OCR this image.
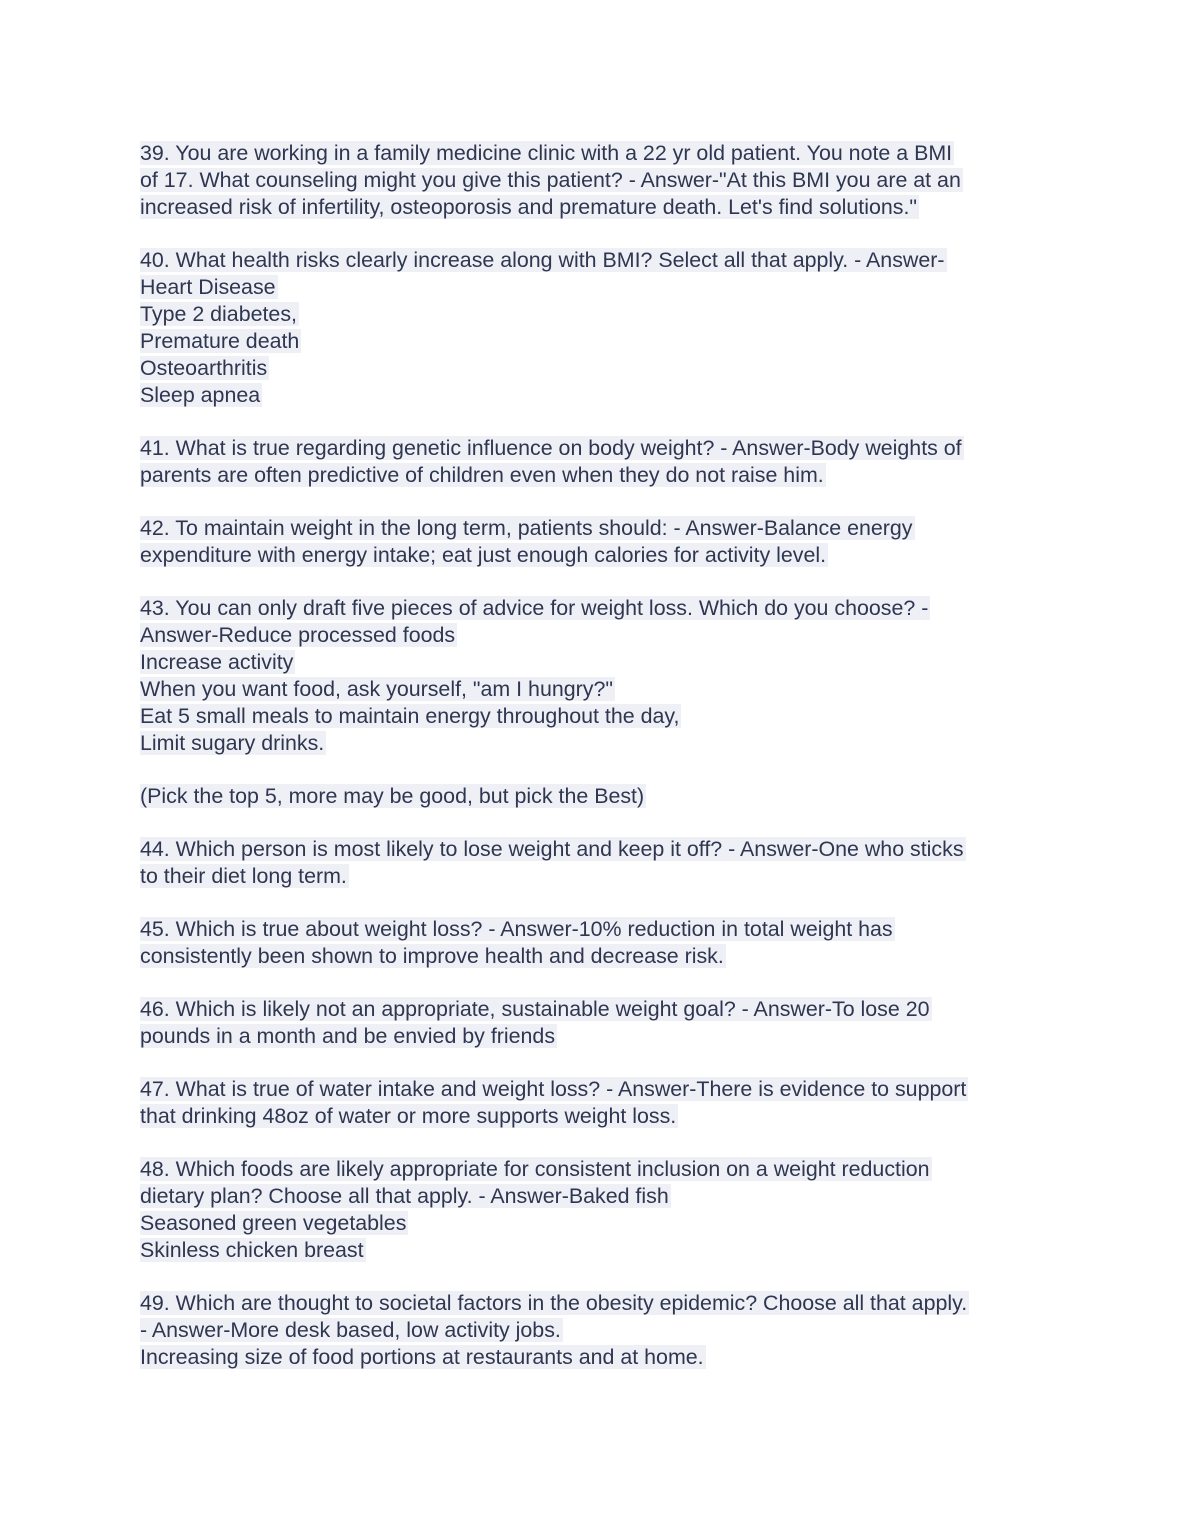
39. You are working in a family medicine clinic with a 22 yr old patient. You note a BMI
of 17. What counseling might you give this patient? - Answer-"At this BMI you are at an
increased risk of infertility, osteoporosis and premature death. Let's find solutions."
40. What health risks clearly increase along with BMI? Select all that apply. - Answer-
Heart Disease
Type 2 diabetes,
Premature death
Osteoarthritis
Sleep apnea
41. What is true regarding genetic influence on body weight? - Answer-Body weights of
parents are often predictive of children even when they do not raise him.
42. To maintain weight in the long term, patients should: - Answer-Balance energy
expenditure with energy intake; eat just enough calories for activity level.
43. You can only draft five pieces of advice for weight loss. Which do you choose? -
Answer-Reduce processed foods
Increase activity
When you want food, ask yourself, "am I hungry?"
Eat 5 small meals to maintain energy throughout the day,
Limit sugary drinks.
(Pick the top 5, more may be good, but pick the Best)
44. Which person is most likely to lose weight and keep it off? - Answer-One who sticks
to their diet long term.
45. Which is true about weight loss? - Answer-10% reduction in total weight has
consistently been shown to improve health and decrease risk.
46. Which is likely not an appropriate, sustainable weight goal? - Answer-To lose 20
pounds in a month and be envied by friends
47. What is true of water intake and weight loss? - Answer-There is evidence to support
that drinking 48oz of water or more supports weight loss.
48. Which foods are likely appropriate for consistent inclusion on a weight reduction
dietary plan? Choose all that apply. - Answer-Baked fish
Seasoned green vegetables
Skinless chicken breast
49. Which are thought to societal factors in the obesity epidemic? Choose all that apply.
- Answer-More desk based, low activity jobs.
Increasing size of food portions at restaurants and at home.
